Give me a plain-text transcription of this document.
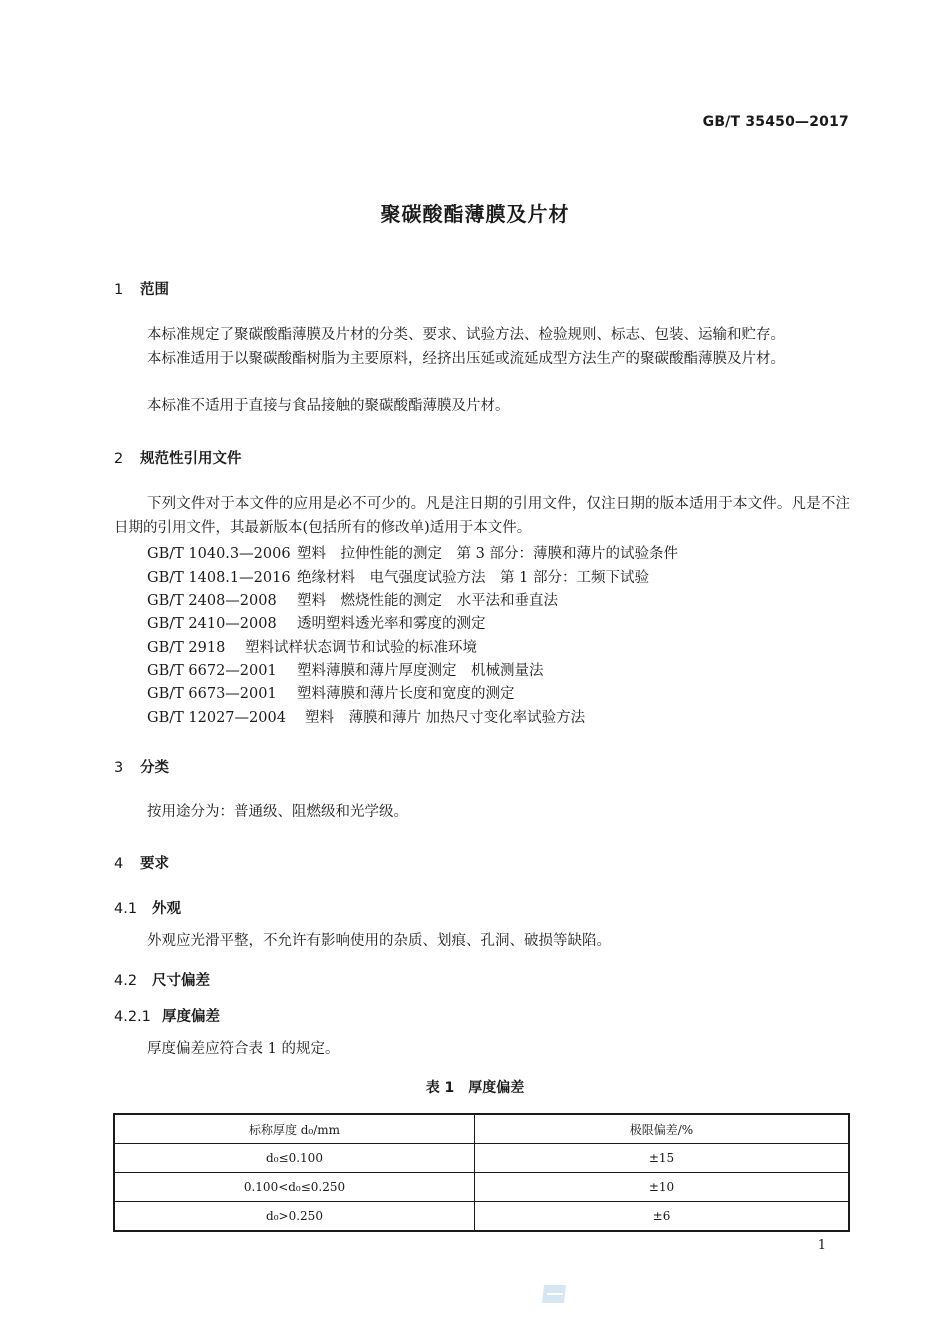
GB/T 35450—2017
聚碳酸酯薄膜及片材
1 范围
本标准规定了聚碳酸酯薄膜及片材的分类、要求、试验方法、检验规则、标志、包装、运输和贮存。
本标准适用于以聚碳酸酯树脂为主要原料，经挤出压延或流延成型方法生产的聚碳酸酯薄膜及片材。
本标准不适用于直接与食品接触的聚碳酸酯薄膜及片材。
2 规范性引用文件
下列文件对于本文件的应用是必不可少的。凡是注日期的引用文件，仅注日期的版本适用于本文件。凡是不注日期的引用文件，其最新版本(包括所有的修改单)适用于本文件。
GB/T 1040.3—2006 塑料　拉伸性能的测定　第 3 部分：薄膜和薄片的试验条件
GB/T 1408.1—2016 绝缘材料　电气强度试验方法　第 1 部分：工频下试验
GB/T 2408—2008 塑料　燃烧性能的测定　水平法和垂直法
GB/T 2410—2008 透明塑料透光率和雾度的测定
GB/T 2918 塑料试样状态调节和试验的标准环境
GB/T 6672—2001 塑料薄膜和薄片厚度测定　机械测量法
GB/T 6673—2001 塑料薄膜和薄片长度和宽度的测定
GB/T 12027—2004 塑料　薄膜和薄片 加热尺寸变化率试验方法
3 分类
按用途分为：普通级、阻燃级和光学级。
4 要求
4.1 外观
外观应光滑平整，不允许有影响使用的杂质、划痕、孔洞、破损等缺陷。
4.2 尺寸偏差
4.2.1 厚度偏差
厚度偏差应符合表 1 的规定。
表 1　厚度偏差
标称厚度 d₀/mm	极限偏差/%
d₀≤0.100	±15
0.100<d₀≤0.250	±10
d₀>0.250	±6
1
